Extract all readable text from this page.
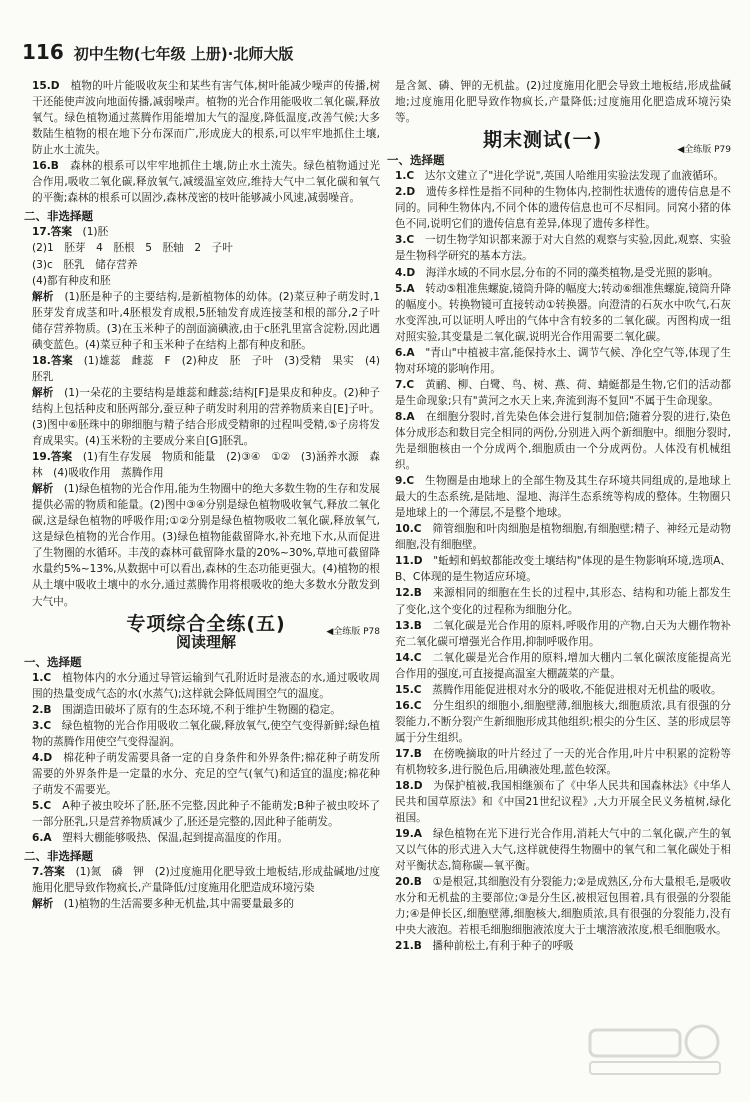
116 初中生物(七年级 上册)·北师大版

15.D　植物的叶片能吸收灰尘和某些有害气体,树叶能减少噪声的传播,树干还能使声波向地面传播,减弱噪声。植物的光合作用能吸收二氧化碳,释放氧气。绿色植物通过蒸腾作用能增加大气的湿度,降低温度,改善气候;大多数陆生植物的根在地下分布深而广,形成庞大的根系,可以牢牢地抓住土壤,防止水土流失。

16.B　森林的根系可以牢牢地抓住土壤,防止水土流失。绿色植物通过光合作用,吸收二氧化碳,释放氧气,减缓温室效应,维持大气中二氧化碳和氧气的平衡;森林的根系可以固沙,森林茂密的枝叶能够减小风速,减弱噪音。

二、非选择题

17.答案　(1)胚

(2)1　胚芽　4　胚根　5　胚轴　2　子叶

(3)c　胚乳　储存营养

(4)都有种皮和胚

解析　(1)胚是种子的主要结构,是新植物体的幼体。(2)菜豆种子萌发时,1胚芽发育成茎和叶,4胚根发育成根,5胚轴发育成连接茎和根的部分,2子叶储存营养物质。(3)在玉米种子的剖面滴碘液,由于c胚乳里富含淀粉,因此遇碘变蓝色。(4)菜豆种子和玉米种子在结构上都有种皮和胚。

18.答案　(1)雄蕊　雌蕊　F　(2)种皮　胚　子叶　(3)受精　果实　(4)胚乳

解析　(1)一朵花的主要结构是雄蕊和雌蕊;结构[F]是果皮和种皮。(2)种子结构上包括种皮和胚两部分,蚕豆种子萌发时利用的营养物质来自[E]子叶。(3)图中⑥胚珠中的卵细胞与精子结合形成受精卵的过程叫受精,⑤子房将发育成果实。(4)玉米粉的主要成分来自[G]胚乳。

19.答案　(1)有生存发展　物质和能量　(2)③④　①②　(3)涵养水源　森林　(4)吸收作用　蒸腾作用

解析　(1)绿色植物的光合作用,能为生物圈中的绝大多数生物的生存和发展提供必需的物质和能量。(2)图中③④分别是绿色植物吸收氧气,释放二氧化碳,这是绿色植物的呼吸作用;①②分别是绿色植物吸收二氧化碳,释放氧气,这是绿色植物的光合作用。(3)绿色植物能截留降水,补充地下水,从而促进了生物圈的水循环。丰茂的森林可截留降水量的20%~30%,草地可截留降水量约5%~13%,从数据中可以看出,森林的生态功能更强大。(4)植物的根从土壤中吸收土壤中的水分,通过蒸腾作用将根吸收的绝大多数水分散发到大气中。

专项综合全练(五)
阅读理解
◀全练版 P78

一、选择题

1.C　植物体内的水分通过导管运输到气孔附近时是液态的水,通过吸收周围的热量变成气态的水(水蒸气);这样就会降低周围空气的温度。

2.B　围湖造田破坏了原有的生态环境,不利于维护生物圈的稳定。

3.C　绿色植物的光合作用吸收二氧化碳,释放氧气,使空气变得新鲜;绿色植物的蒸腾作用使空气变得湿润。

4.D　棉花种子萌发需要具备一定的自身条件和外界条件;棉花种子萌发所需要的外界条件是一定量的水分、充足的空气(氧气)和适宜的温度;棉花种子萌发不需要光。

5.C　A种子被虫咬坏了胚,胚不完整,因此种子不能萌发;B种子被虫咬坏了一部分胚乳,只是营养物质减少了,胚还是完整的,因此种子能萌发。

6.A　塑料大棚能够吸热、保温,起到提高温度的作用。

二、非选择题

7.答案　(1)氮　磷　钾　(2)过度施用化肥导致土地板结,形成盐碱地/过度施用化肥导致作物疯长,产量降低/过度施用化肥造成环境污染

解析　(1)植物的生活需要多种无机盐,其中需要量最多的

是含氮、磷、钾的无机盐。(2)过度施用化肥会导致土地板结,形成盐碱地;过度施用化肥导致作物疯长,产量降低;过度施用化肥造成环境污染等。

期末测试(一)	◀全练版 P79

一、选择题

1.C　达尔文建立了"进化学说",英国人哈维用实验法发现了血液循环。

2.D　遗传多样性是指不同种的生物体内,控制性状遗传的遗传信息是不同的。同种生物体内,不同个体的遗传信息也可不尽相同。同窝小猪的体色不同,说明它们的遗传信息有差异,体现了遗传多样性。

3.C　一切生物学知识都来源于对大自然的观察与实验,因此,观察、实验是生物科学研究的基本方法。

4.D　海洋水域的不同水层,分布的不同的藻类植物,是受光照的影响。

5.A　转动⑤粗准焦螺旋,镜筒升降的幅度大;转动⑥细准焦螺旋,镜筒升降的幅度小。转换物镜可直接转动①转换器。向澄清的石灰水中吹气,石灰水变浑浊,可以证明人呼出的气体中含有较多的二氧化碳。丙图构成一组对照实验,其变量是二氧化碳,说明光合作用需要二氧化碳。

6.A　"青山"中植被丰富,能保持水土、调节气候、净化空气等,体现了生物对环境的影响作用。

7.C　黄鹂、柳、白鹭、鸟、树、燕、荷、蜻蜓都是生物,它们的活动都是生命现象;只有"黄河之水天上来,奔流到海不复回"不属于生命现象。

8.A　在细胞分裂时,首先染色体会进行复制加倍;随着分裂的进行,染色体分成形态和数目完全相同的两份,分别进入两个新细胞中。细胞分裂时,先是细胞核由一个分成两个,细胞质由一个分成两份。人体没有机械组织。

9.C　生物圈是由地球上的全部生物及其生存环境共同组成的,是地球上最大的生态系统,是陆地、湿地、海洋生态系统等构成的整体。生物圈只是地球上的一个薄层,不是整个地球。

10.C　筛管细胞和叶肉细胞是植物细胞,有细胞壁;精子、神经元是动物细胞,没有细胞壁。

11.D　"蚯蚓和蚂蚁都能改变土壤结构"体现的是生物影响环境,选项A、B、C体现的是生物适应环境。

12.B　来源相同的细胞在生长的过程中,其形态、结构和功能上都发生了变化,这个变化的过程称为细胞分化。

13.B　二氧化碳是光合作用的原料,呼吸作用的产物,白天为大棚作物补充二氧化碳可增强光合作用,抑制呼吸作用。

14.C　二氧化碳是光合作用的原料,增加大棚内二氧化碳浓度能提高光合作用的强度,可直接提高温室大棚蔬菜的产量。

15.C　蒸腾作用能促进根对水分的吸收,不能促进根对无机盐的吸收。

16.C　分生组织的细胞小,细胞壁薄,细胞核大,细胞质浓,具有很强的分裂能力,不断分裂产生新细胞形成其他组织;根尖的分生区、茎的形成层等属于分生组织。

17.B　在傍晚摘取的叶片经过了一天的光合作用,叶片中积累的淀粉等有机物较多,进行脱色后,用碘液处理,蓝色较深。

18.D　为保护植被,我国相继颁布了《中华人民共和国森林法》《中华人民共和国草原法》和《中国21世纪议程》,大力开展全民义务植树,绿化祖国。

19.A　绿色植物在光下进行光合作用,消耗大气中的二氧化碳,产生的氧又以气体的形式进入大气,这样就使得生物圈中的氧气和二氧化碳处于相对平衡状态,简称碳—氧平衡。

20.B　①是根冠,其细胞没有分裂能力;②是成熟区,分布大量根毛,是吸收水分和无机盐的主要部位;③是分生区,被根冠包围着,具有很强的分裂能力;④是伸长区,细胞壁薄,细胞核大,细胞质浓,具有很强的分裂能力,没有中央大液泡。若根毛细胞细胞液浓度大于土壤溶液浓度,根毛细胞吸水。

21.B　播种前松土,有利于种子的呼吸
